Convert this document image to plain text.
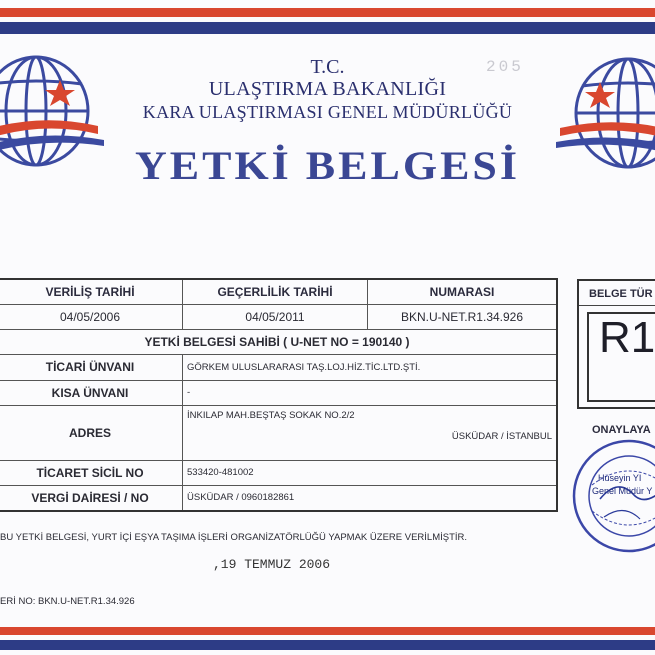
205
T.C.
ULAŞTIRMA BAKANLIĞI
KARA ULAŞTIRMASI GENEL MÜDÜRLÜĞÜ
YETKİ BELGESİ
VERİLİŞ TARİHİ	GEÇERLİLİK TARİHİ	NUMARASI
04/05/2006	04/05/2011	BKN.U-NET.R1.34.926
YETKİ BELGESİ SAHİBİ ( U-NET NO = 190140 )		
TİCARİ ÜNVANI	GÖRKEM ULUSLARARASI TAŞ.LOJ.HİZ.TİC.LTD.ŞTİ.	
KISA ÜNVANI	-	
ADRES	İNKILAP MAH.BEŞTAŞ SOKAK NO.2/2
ÜSKÜDAR / İSTANBUL	

TİCARET SİCİL NO	533420-481002	
VERGİ DAİRESİ / NO	ÜSKÜDAR / 0960182861	
BELGE TÜR
R1
ONAYLAYA
Hüseyin YI
Genel Müdür Y
BU YETKİ BELGESİ, YURT İÇİ EŞYA TAŞIMA İŞLERİ ORGANİZATÖRLÜĞÜ YAPMAK ÜZERE VERİLMİŞTİR.
,19 TEMMUZ 2006
ERİ NO: BKN.U-NET.R1.34.926
